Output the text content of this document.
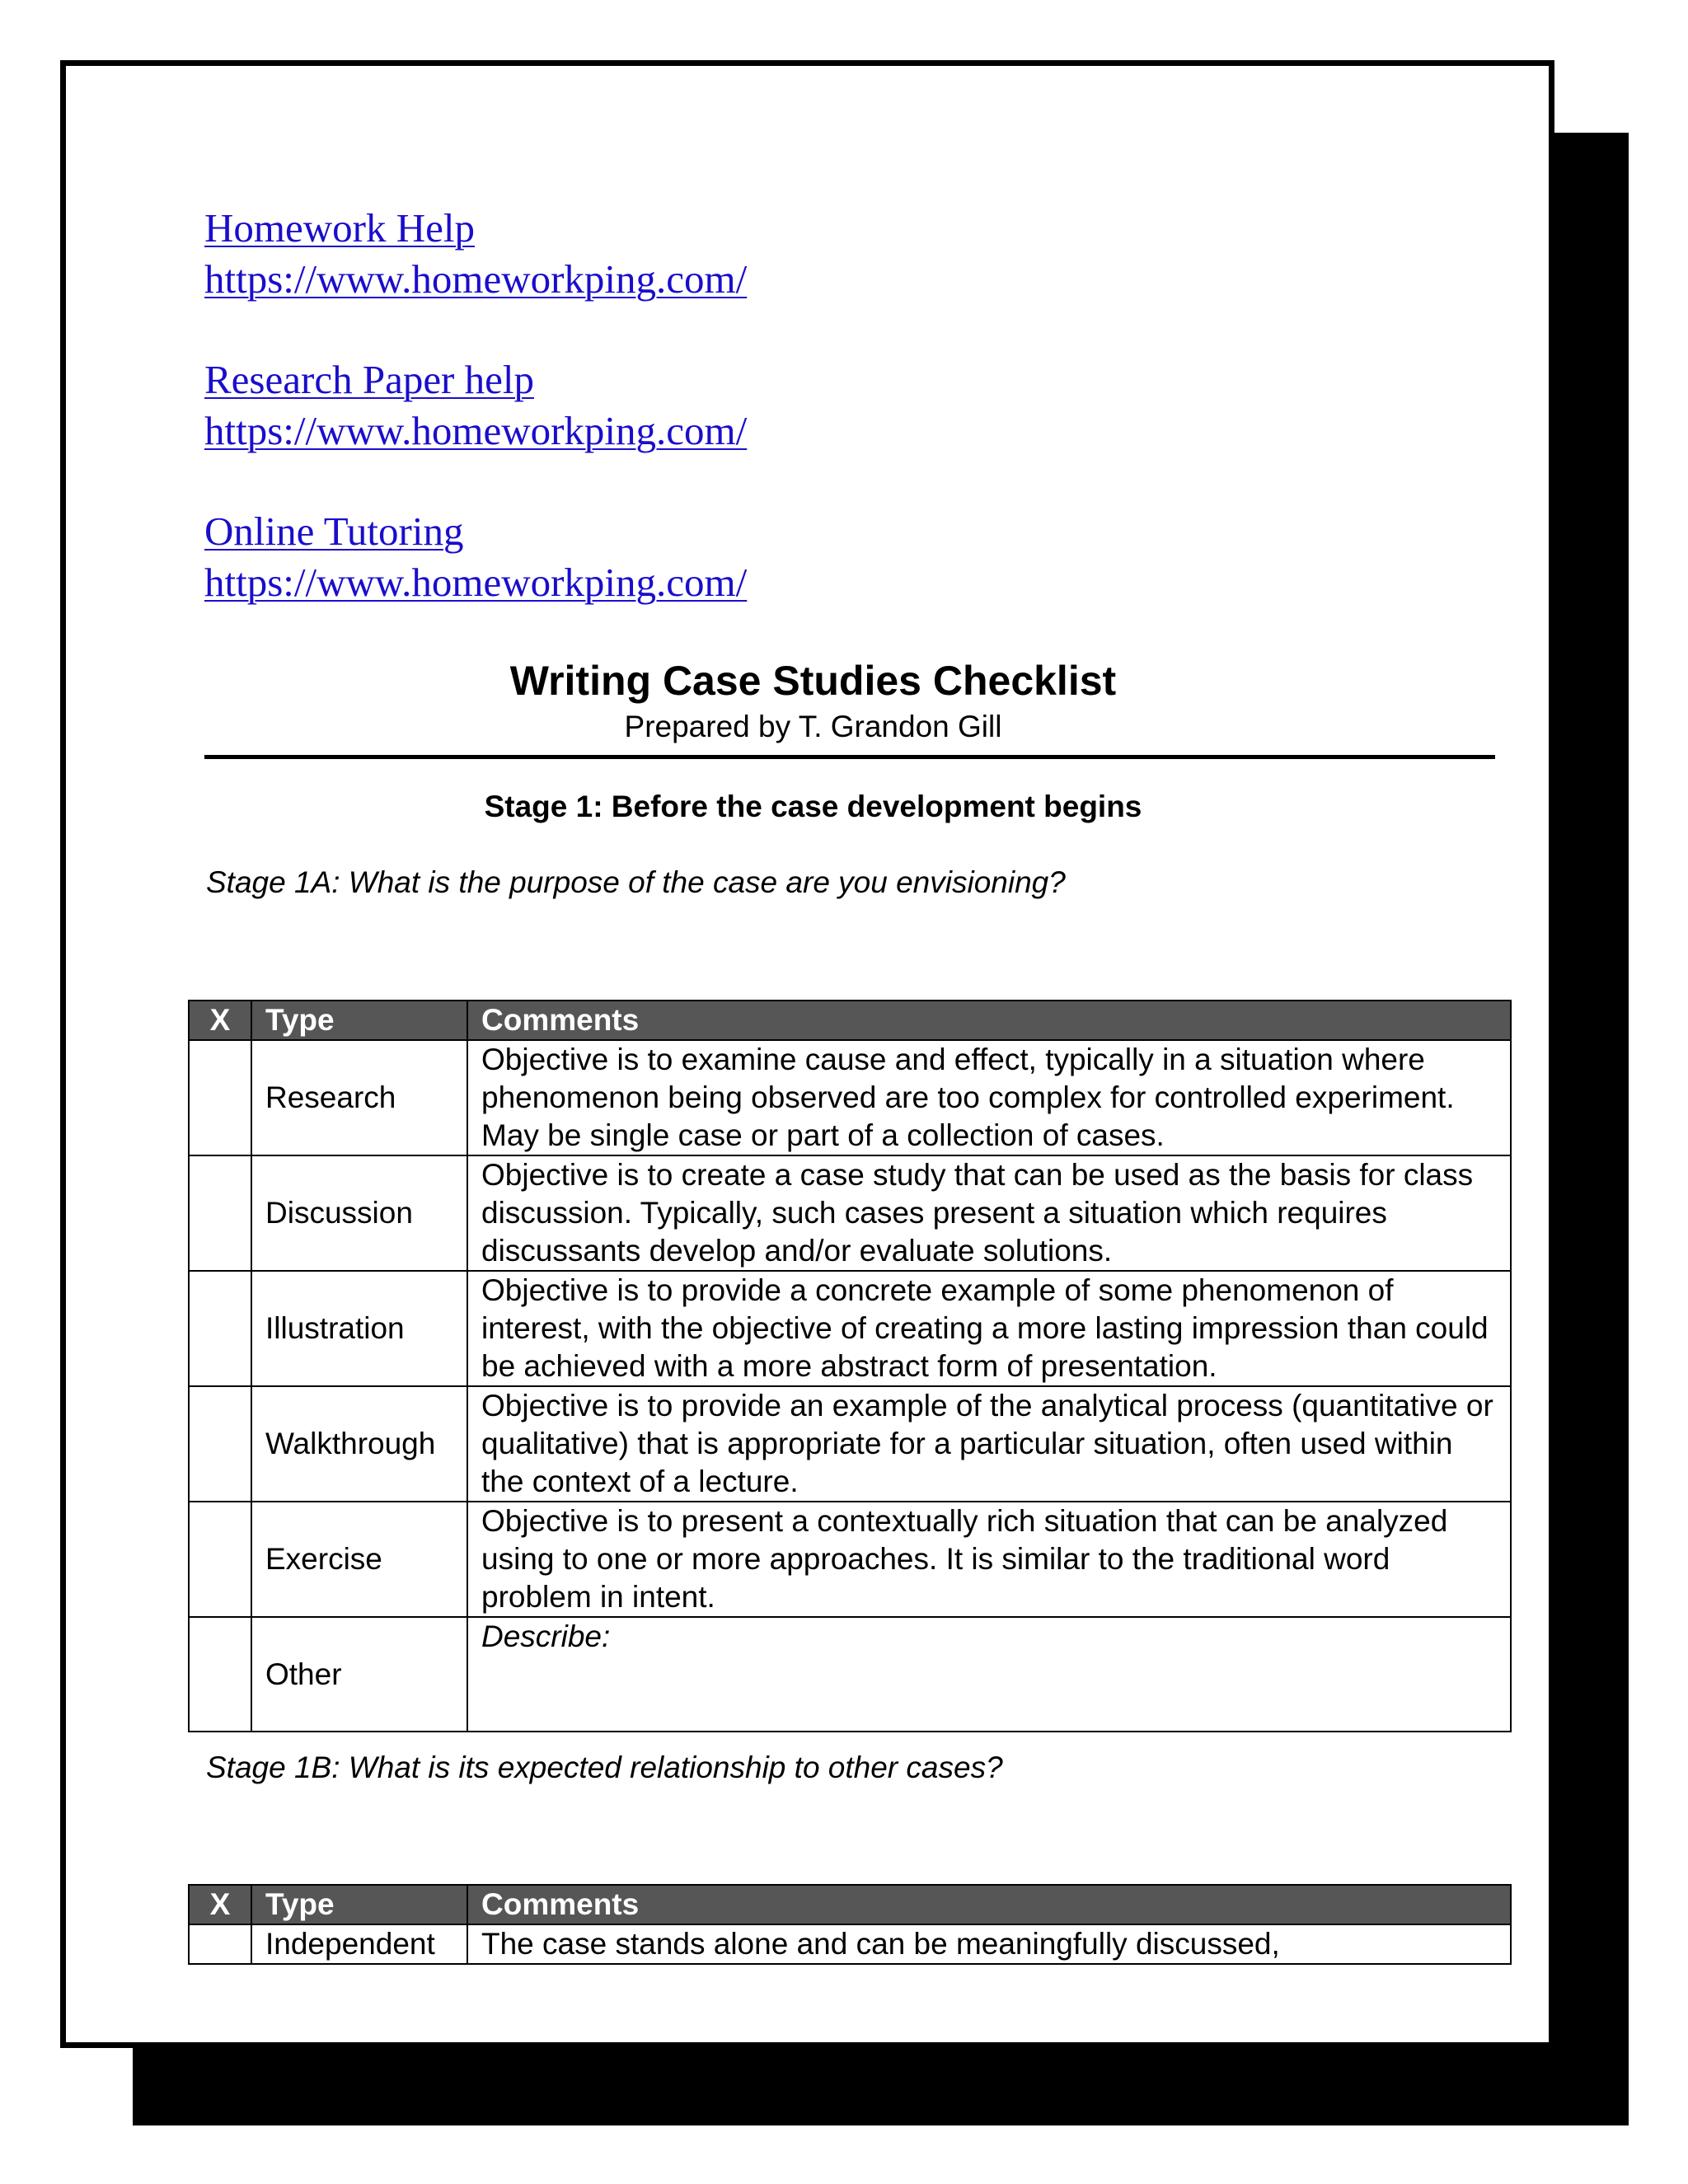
Homework Help
https://www.homeworkping.com/
Research Paper help
https://www.homeworkping.com/
Online Tutoring
https://www.homeworkping.com/
Writing Case Studies Checklist
Prepared by T. Grandon Gill
Stage 1: Before the case development begins
Stage 1A: What is the purpose of the case are you envisioning?
X	Type	Comments
	Research	Objective is to examine cause and effect, typically in a situation where phenomenon being observed are too complex for controlled experiment. May be single case or part of a collection of cases.
	Discussion	Objective is to create a case study that can be used as the basis for class discussion. Typically, such cases present a situation which requires discussants develop and/or evaluate solutions.
	Illustration	Objective is to provide a concrete example of some phenomenon of interest, with the objective of creating a more lasting impression than could be achieved with a more abstract form of presentation.
	Walkthrough	Objective is to provide an example of the analytical process (quantitative or qualitative) that is appropriate for a particular situation, often used within the context of a lecture.
	Exercise	Objective is to present a contextually rich situation that can be analyzed using to one or more approaches. It is similar to the traditional word problem in intent.
	Other	Describe:
Stage 1B: What is its expected relationship to other cases?
X	Type	Comments
	Independent	The case stands alone and can be meaningfully discussed,
